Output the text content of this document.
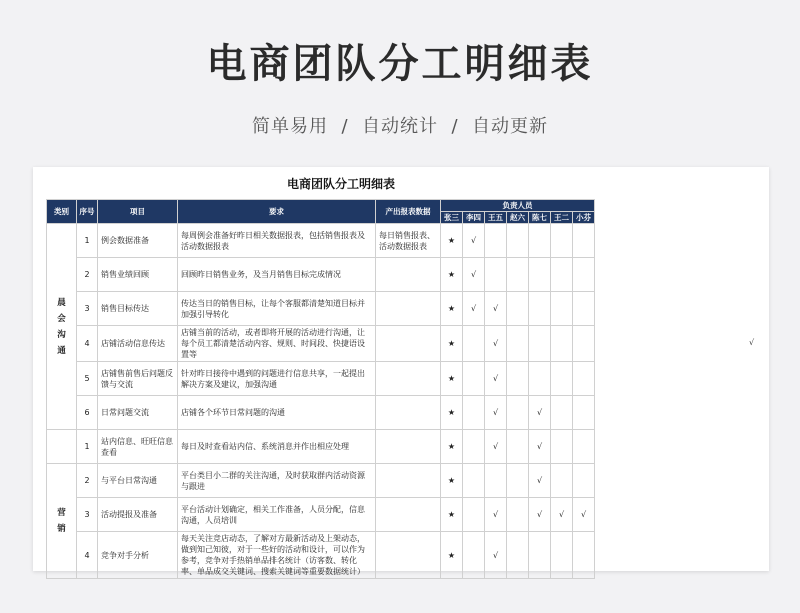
电商团队分工明细表
简单易用  /  自动统计  /  自动更新
电商团队分工明细表
类别	序号	项目	要求	产出报表数据	负责人员						
					张三	李四	王五	赵六	陈七	王二	小芬
晨会沟通	1	例会数据准备	每周例会准备好昨日相关数据报表，包括销售报表及活动数据报表	每日销售报表、活动数据报表	★	√					
	2	销售业绩回顾	回顾昨日销售业务，及当月销售目标完成情况		★	√					
	3	销售目标传达	传达当日的销售目标，让每个客服都清楚知道目标并加强引导转化		★	√	√				
	4	店铺活动信息传达	店铺当前的活动，或者即将开展的活动进行沟通，让每个员工都清楚活动内容、规则、时间段、快捷语设置等		★		√				
	5	店铺售前售后问题反馈与交流	针对昨日接待中遇到的问题进行信息共享，一起提出解决方案及建议，加强沟通		★		√				
	6	日常问题交流	店铺各个环节日常问题的沟通		★		√		√		
	1	站内信息、旺旺信息查看	每日及时查看站内信、系统消息并作出相应处理		★		√		√		
营销	2	与平台日常沟通	平台类目小二群的关注沟通，及时获取群内活动资源与跟进		★				√		
	3	活动提报及准备	平台活动计划确定，相关工作准备，人员分配，信息沟通，人员培训		★		√		√	√	√
	4	竞争对手分析	每天关注竞店动态，了解对方最新活动及上架动态，做到知己知彼，对于一些好的活动和设计，可以作为参考，竞争对手热销单品排名统计（访客数、转化率、单品成交关键词、搜索关键词等重要数据统计）		★		√				
√
